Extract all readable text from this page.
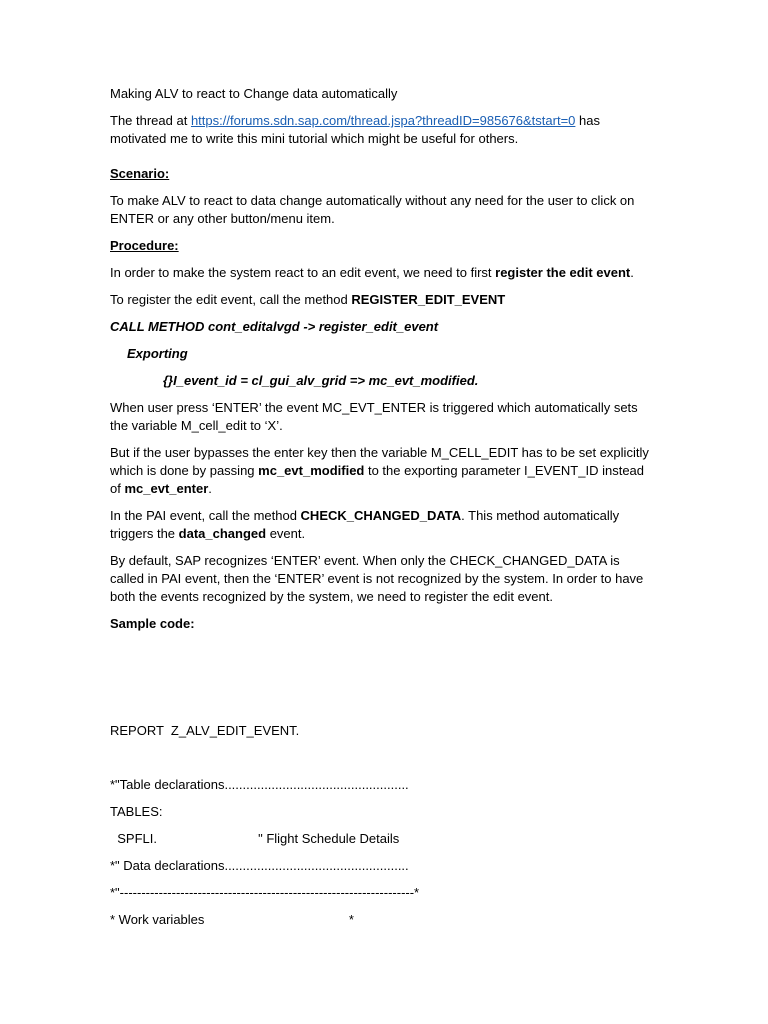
Making ALV to react to Change data automatically

The thread at https://forums.sdn.sap.com/thread.jspa?threadID=985676&tstart=0 has motivated me to write this mini tutorial which might be useful for others.

Scenario:

To make ALV to react to data change automatically without any need for the user to click on ENTER or any other button/menu item.

Procedure:

In order to make the system react to an edit event, we need to first register the edit event.

To register the edit event, call the method REGISTER_EDIT_EVENT

CALL METHOD cont_editalvgd -> register_edit_event

Exporting

{}I_event_id = cl_gui_alv_grid => mc_evt_modified.

When user press ‘ENTER’ the event MC_EVT_ENTER is triggered which automatically sets the variable M_cell_edit to ‘X’.

But if the user bypasses the enter key then the variable M_CELL_EDIT has to be set explicitly which is done by passing mc_evt_modified to the exporting parameter I_EVENT_ID instead of mc_evt_enter.

In the PAI event, call the method CHECK_CHANGED_DATA. This method automatically triggers the data_changed event.

By default, SAP recognizes ‘ENTER’ event. When only the CHECK_CHANGED_DATA is called in PAI event, then the ‘ENTER’ event is not recognized by the system. In order to have both the events recognized by the system, we need to register the edit event.

Sample code:

REPORT  Z_ALV_EDIT_EVENT.

*"Table declarations...................................................

TABLES:

SPFLI.                            " Flight Schedule Details

*" Data declarations...................................................

*"--------------------------------------------------------------------*

* Work variables                                        *
